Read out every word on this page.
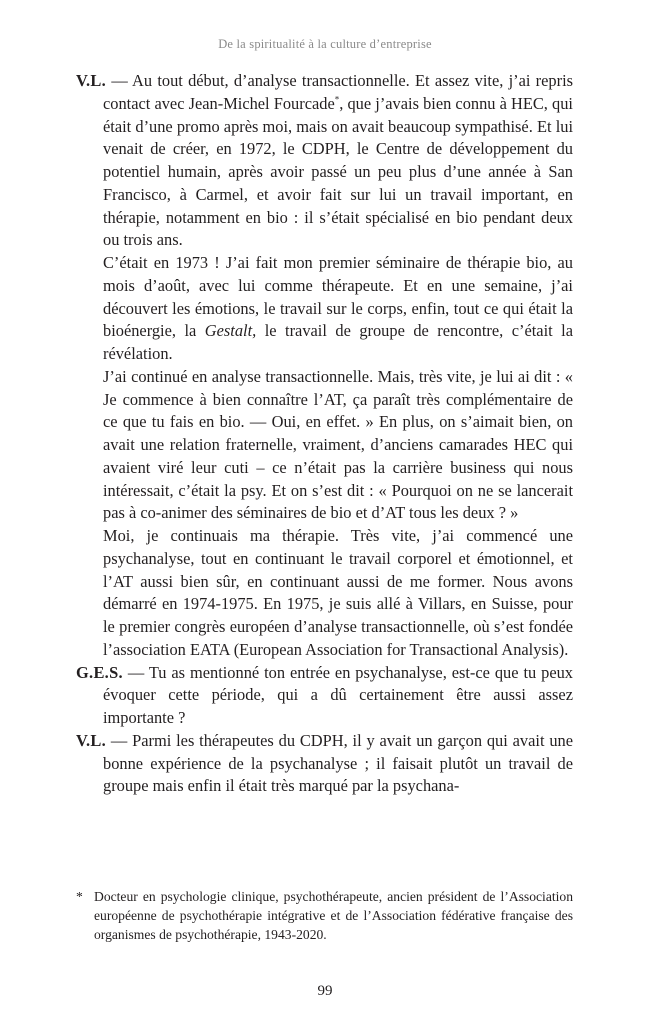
De la spiritualité à la culture d’entreprise
V.L. — Au tout début, d’analyse transactionnelle. Et assez vite, j’ai repris contact avec Jean-Michel Fourcade*, que j’avais bien connu à HEC, qui était d’une promo après moi, mais on avait beaucoup sympathisé. Et lui venait de créer, en 1972, le CDPH, le Centre de développement du potentiel humain, après avoir passé un peu plus d’une année à San Francisco, à Carmel, et avoir fait sur lui un travail important, en thérapie, notamment en bio : il s’était spécialisé en bio pendant deux ou trois ans.
C’était en 1973 ! J’ai fait mon premier séminaire de thérapie bio, au mois d’août, avec lui comme thérapeute. Et en une semaine, j’ai découvert les émotions, le travail sur le corps, enfin, tout ce qui était la bioénergie, la Gestalt, le travail de groupe de rencontre, c’était la révélation.
J’ai continué en analyse transactionnelle. Mais, très vite, je lui ai dit : « Je commence à bien connaître l’AT, ça paraît très complémentaire de ce que tu fais en bio. — Oui, en effet. » En plus, on s’aimait bien, on avait une relation fraternelle, vraiment, d’anciens camarades HEC qui avaient viré leur cuti – ce n’était pas la carrière business qui nous intéressait, c’était la psy. Et on s’est dit : « Pourquoi on ne se lancerait pas à co-animer des séminaires de bio et d’AT tous les deux ? »
Moi, je continuais ma thérapie. Très vite, j’ai commencé une psychanalyse, tout en continuant le travail corporel et émotionnel, et l’AT aussi bien sûr, en continuant aussi de me former. Nous avons démarré en 1974-1975. En 1975, je suis allé à Villars, en Suisse, pour le premier congrès européen d’analyse transactionnelle, où s’est fondée l’association EATA (European Association for Transactional Analysis).
G.E.S. — Tu as mentionné ton entrée en psychanalyse, est-ce que tu peux évoquer cette période, qui a dû certainement être aussi assez importante ?
V.L. — Parmi les thérapeutes du CDPH, il y avait un garçon qui avait une bonne expérience de la psychanalyse ; il faisait plutôt un travail de groupe mais enfin il était très marqué par la psychana-
* Docteur en psychologie clinique, psychothérapeute, ancien président de l’Association européenne de psychothérapie intégrative et de l’Association fédérative française des organismes de psychothérapie, 1943-2020.
99
